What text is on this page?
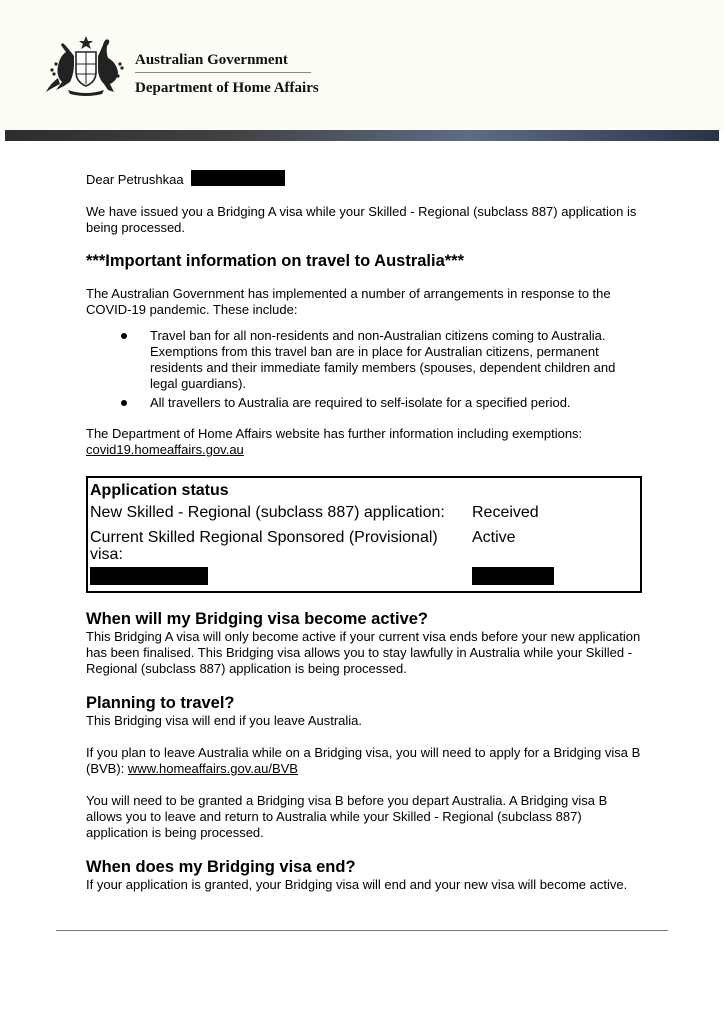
Australian Government
Department of Home Affairs

Dear Petrushkaa

We have issued you a Bridging A visa while your Skilled - Regional (subclass 887) application is being processed.

***Important information on travel to Australia***

The Australian Government has implemented a number of arrangements in response to the COVID-19 pandemic. These include:

Travel ban for all non-residents and non-Australian citizens coming to Australia. Exemptions from this travel ban are in place for Australian citizens, permanent residents and their immediate family members (spouses, dependent children and legal guardians).
All travellers to Australia are required to self-isolate for a specified period.

The Department of Home Affairs website has further information including exemptions:
covid19.homeaffairs.gov.au

Application status
New Skilled - Regional (subclass 887) application:	Received
Current Skilled Regional Sponsored (Provisional) visa:
Active
When will my Bridging visa become active?

This Bridging A visa will only become active if your current visa ends before your new application has been finalised. This Bridging visa allows you to stay lawfully in Australia while your Skilled - Regional (subclass 887) application is being processed.

Planning to travel?

This Bridging visa will end if you leave Australia.

If you plan to leave Australia while on a Bridging visa, you will need to apply for a Bridging visa B (BVB): www.homeaffairs.gov.au/BVB

You will need to be granted a Bridging visa B before you depart Australia. A Bridging visa B allows you to leave and return to Australia while your Skilled - Regional (subclass 887) application is being processed.

When does my Bridging visa end?

If your application is granted, your Bridging visa will end and your new visa will become active.
